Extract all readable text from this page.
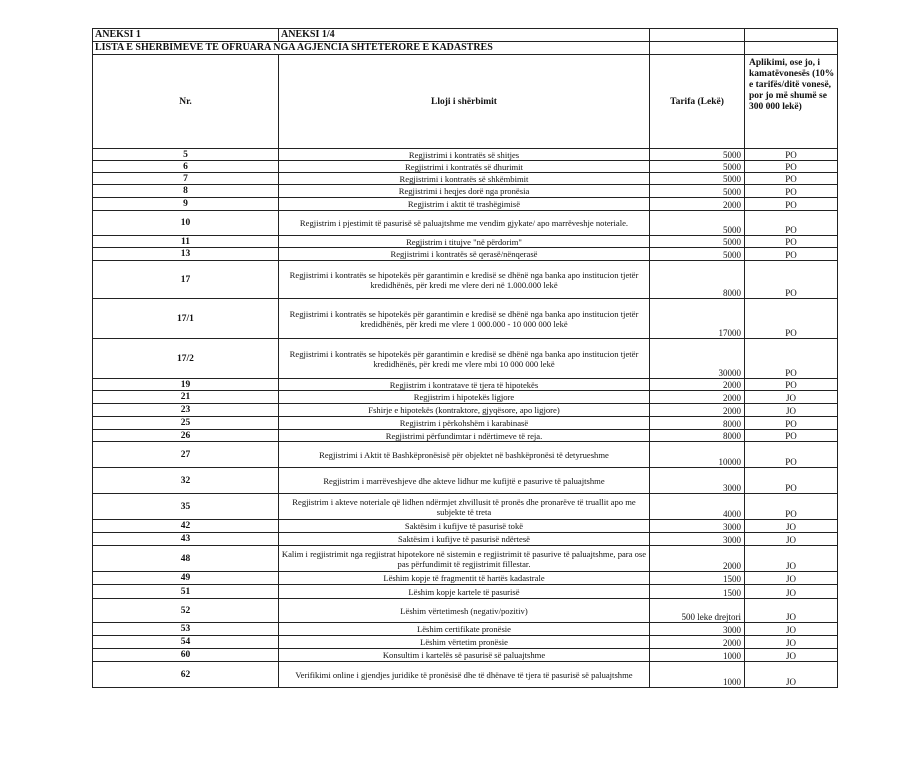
ANEKSI 1	ANEKSI 1/4		
LISTA E SHERBIMEVE TE OFRUARA NGA AGJENCIA SHTETERORE E KADASTRES			
Nr.	Lloji i shërbimit	Tarifa (Lekë)	Aplikimi, ose jo, i kamatëvonesës (10% e tarifës/ditë vonesë, por jo më shumë se 300 000 lekë)
5	Regjistrimi i kontratës së shitjes	5000	PO
6	Regjistrimi i kontratës së dhurimit	5000	PO
7	Regjistrimi i kontratës së shkëmbimit	5000	PO
8	Regjistrimi i heqjes dorë nga pronësia	5000	PO
9	Regjistrim i aktit të trashëgimisë	2000	PO
10	Regjistrim i pjestimit të pasurisë së paluajtshme me vendim gjykate/ apo marrëveshje noteriale.	5000	PO
11	Regjistrim i titujve "në përdorim"	5000	PO
13	Regjistrimi i kontratës së qerasë/nënqerasë	5000	PO
17	Regjistrimi i kontratës se hipotekës për garantimin e kredisë se dhënë nga banka apo institucion tjetër kredidhënës, për kredi me vlere deri në 1.000.000 lekë	8000	PO
17/1	Regjistrimi i kontratës se hipotekës për garantimin e kredisë se dhënë nga banka apo institucion tjetër kredidhënës, për kredi me vlere 1 000.000 - 10 000 000 lekë	17000	PO
17/2	Regjistrimi i kontratës se hipotekës për garantimin e kredisë se dhënë nga banka apo institucion tjetër kredidhënës, për kredi me vlere mbi 10 000 000 lekë	30000	PO
19	Regjistrim i kontratave të tjera të hipotekës	2000	PO
21	Regjistrim i hipotekës ligjore	2000	JO
23	Fshirje e hipotekës (kontraktore, gjyqësore, apo ligjore)	2000	JO
25	Regjistrim i përkohshëm i karabinasë	8000	PO
26	Regjistrimi përfundimtar i ndërtimeve të reja.	8000	PO
27	Regjistrimi i Aktit të Bashkëpronësisë për objektet në bashkëpronësi të detyrueshme	10000	PO
32	Regjistrim i marrëveshjeve dhe akteve lidhur me kufijtë e pasurive të paluajtshme	3000	PO
35	Regjistrim i akteve noteriale që lidhen ndërmjet zhvillusit të pronës dhe pronarëve të truallit apo me subjekte të treta	4000	PO
42	Saktësim i kufijve të pasurisë tokë	3000	JO
43	Saktësim i kufijve të pasurisë ndërtesë	3000	JO
48	Kalim i regjistrimit nga regjistrat hipotekore në sistemin e regjistrimit të pasurive të paluajtshme, para ose pas përfundimit të regjistrimit fillestar.	2000	JO
49	Lëshim kopje të fragmentit të hartës kadastrale	1500	JO
51	Lëshim kopje kartele të pasurisë	1500	JO
52	Lëshim vërtetimesh (negativ/pozitiv)	500 leke drejtori	JO
53	Lëshim certifikate pronësie	3000	JO
54	Lëshim vërtetim pronësie	2000	JO
60	Konsultim i kartelës së pasurisë së paluajtshme	1000	JO
62	Verifikimi online i gjendjes juridike të pronësisë dhe të dhënave të tjera të pasurisë së paluajtshme	1000	JO
